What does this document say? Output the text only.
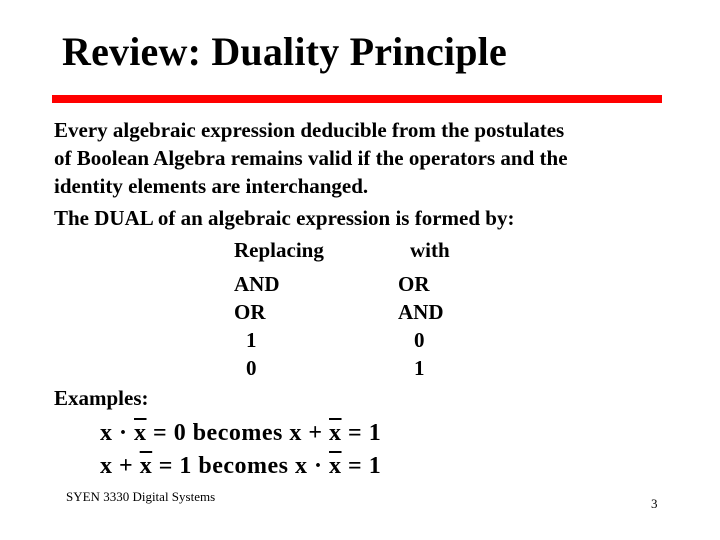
Review: Duality Principle
Every algebraic expression deducible from the postulates
of Boolean Algebra remains valid if the operators and the
identity elements are interchanged.
The DUAL of an algebraic expression is formed by:
Replacing	with
AND	OR
OR	AND
1	0
0	1
Examples:
$x \cdot \overline{x} = 0$ becomes $x + \overline{x} = 1$
$x + \overline{x} = 1$ becomes $x \cdot \overline{x} = 1$
SYEN 3330 Digital Systems	3
